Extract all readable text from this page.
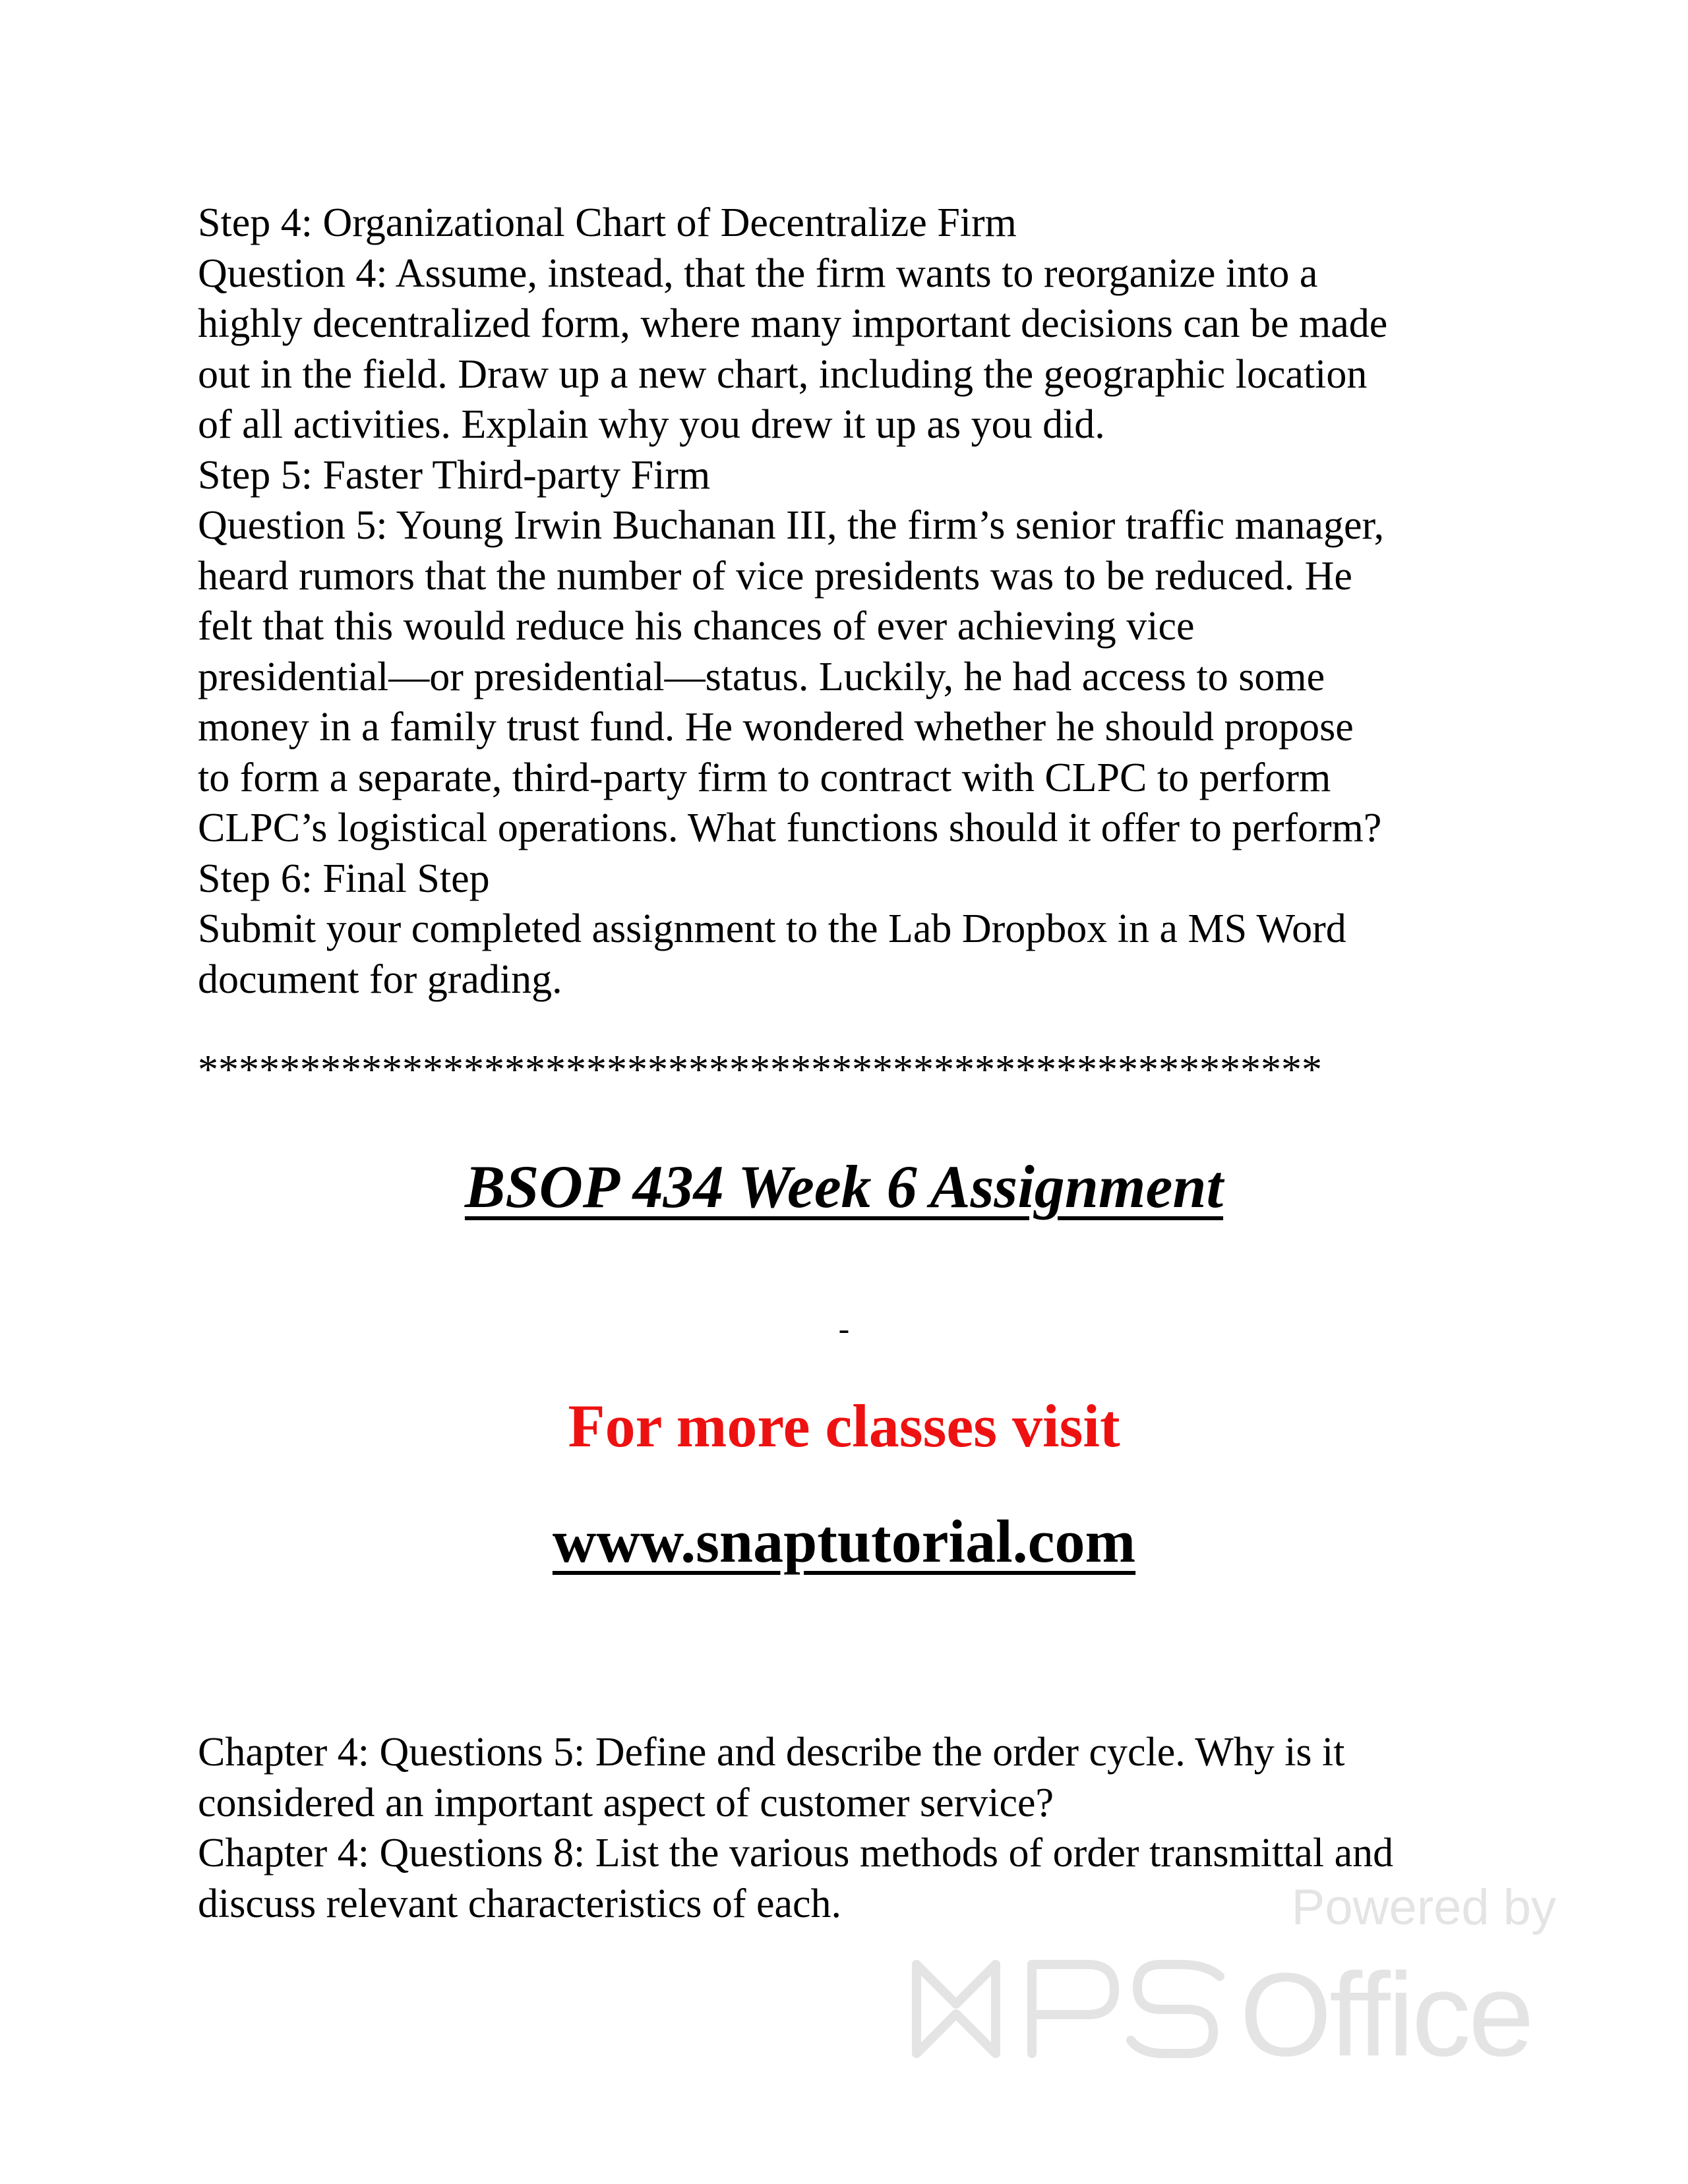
Step 4: Organizational Chart of Decentralize Firm
Question 4: Assume, instead, that the firm wants to reorganize into a
highly decentralized form, where many important decisions can be made
out in the field. Draw up a new chart, including the geographic location
of all activities. Explain why you drew it up as you did.
Step 5: Faster Third-party Firm
Question 5: Young Irwin Buchanan III, the firm’s senior traffic manager,
heard rumors that the number of vice presidents was to be reduced. He
felt that this would reduce his chances of ever achieving vice
presidential—or presidential—status. Luckily, he had access to some
money in a family trust fund. He wondered whether he should propose
to form a separate, third-party firm to contract with CLPC to perform
CLPC’s logistical operations. What functions should it offer to perform?
Step 6: Final Step
Submit your completed assignment to the Lab Dropbox in a MS Word
document for grading.
*******************************************************
BSOP 434 Week 6 Assignment
-
For more classes visit
www.snaptutorial.com
Chapter 4: Questions 5: Define and describe the order cycle. Why is it
considered an important aspect of customer service?
Chapter 4: Questions 8: List the various methods of order transmittal and
discuss relevant characteristics of each.	Powered by
Office
